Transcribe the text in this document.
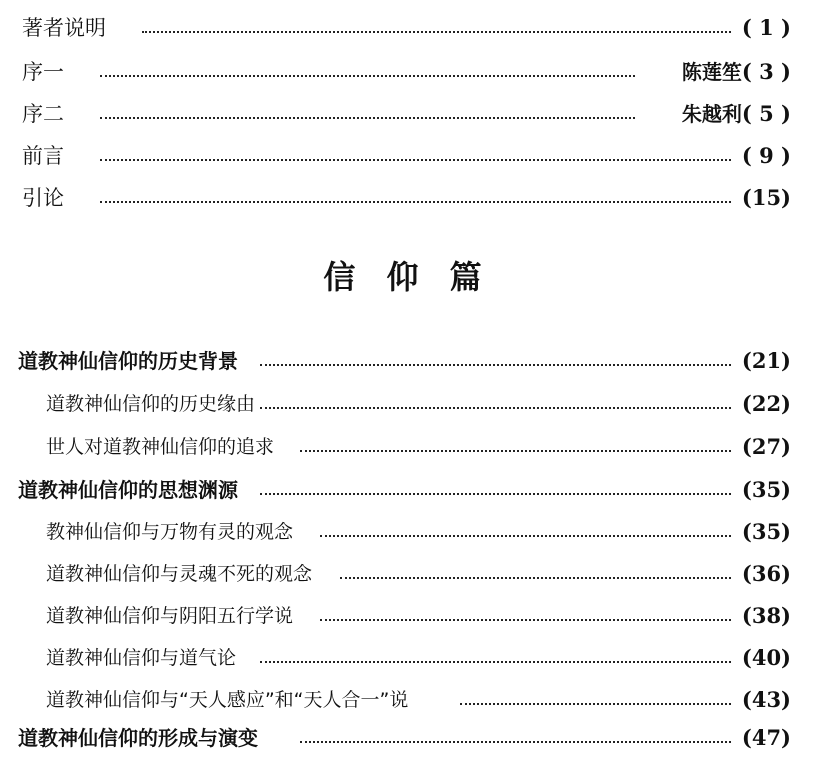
著者说明	( 1 )
序一	陈莲笙( 3 )
序二	朱越利( 5 )
前言	( 9 )
引论	(15)
信 仰 篇
道教神仙信仰的历史背景	(21)
道教神仙信仰的历史缘由	(22)
世人对道教神仙信仰的追求	(27)
道教神仙信仰的思想渊源	(35)
教神仙信仰与万物有灵的观念	(35)
道教神仙信仰与灵魂不死的观念	(36)
道教神仙信仰与阴阳五行学说	(38)
道教神仙信仰与道气论	(40)
道教神仙信仰与“天人感应”和“天人合一”说	(43)
道教神仙信仰的形成与演变	(47)
